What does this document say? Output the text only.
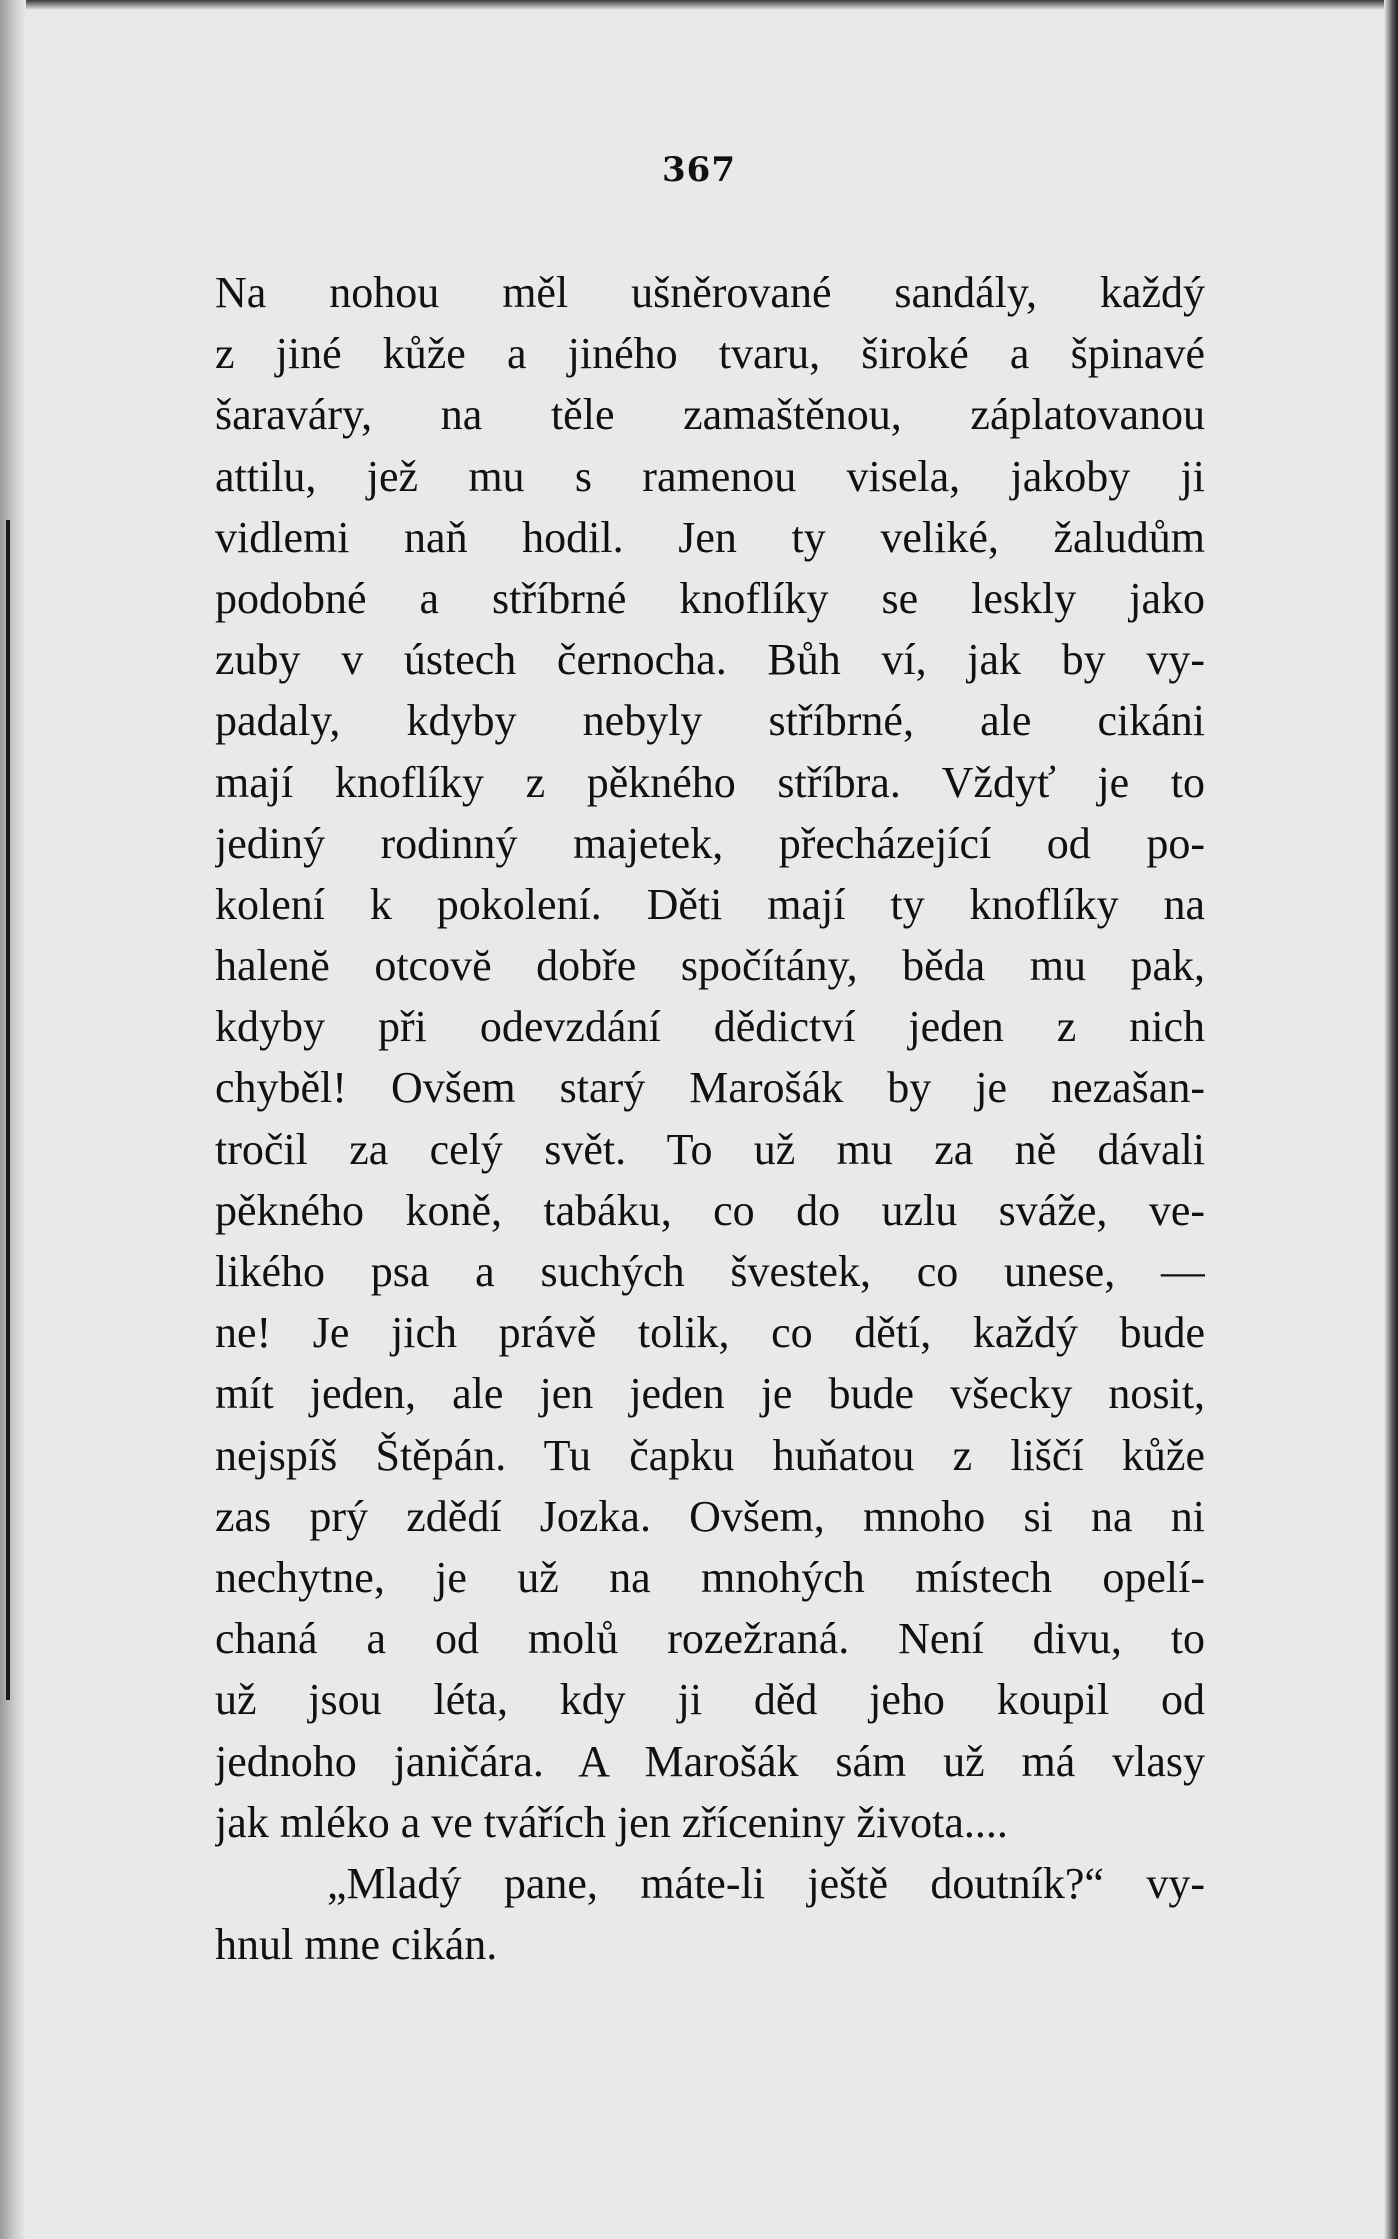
367
Na nohou měl ušněrované sandály, každý
z jiné kůže a jiného tvaru, široké a špinavé
šaraváry, na těle zamaštěnou, záplatovanou
attilu, jež mu s ramenou visela, jakoby ji
vidlemi naň hodil. Jen ty veliké, žaludům
podobné a stříbrné knoflíky se leskly jako
zuby v ústech černocha. Bůh ví, jak by vy-
padaly, kdyby nebyly stříbrné, ale cikáni
mají knoflíky z pěkného stříbra. Vždyť je to
jediný rodinný majetek, přecházející od po-
kolení k pokolení. Děti mají ty knoflíky na
halenĕ otcovĕ dobře spočítány, běda mu pak,
kdyby při odevzdání dědictví jeden z nich
chyběl! Ovšem starý Marošák by je nezašan-
tročil za celý svět. To už mu za ně dávali
pěkného koně, tabáku, co do uzlu sváže, ve-
likého psa a suchých švestek, co unese, —
ne! Je jich právě tolik, co dětí, každý bude
mít jeden, ale jen jeden je bude všecky nosit,
nejspíš Štěpán. Tu čapku huňatou z liščí kůže
zas prý zdědí Jozka. Ovšem, mnoho si na ni
nechytne, je už na mnohých místech opelí-
chaná a od molů rozežraná. Není divu, to
už jsou léta, kdy ji děd jeho koupil od
jednoho janičára. A Marošák sám už má vlasy
jak mléko a ve tvářích jen zříceniny života....
„Mladý pane, máte-li ještě doutník?“ vy-
hnul mne cikán.
